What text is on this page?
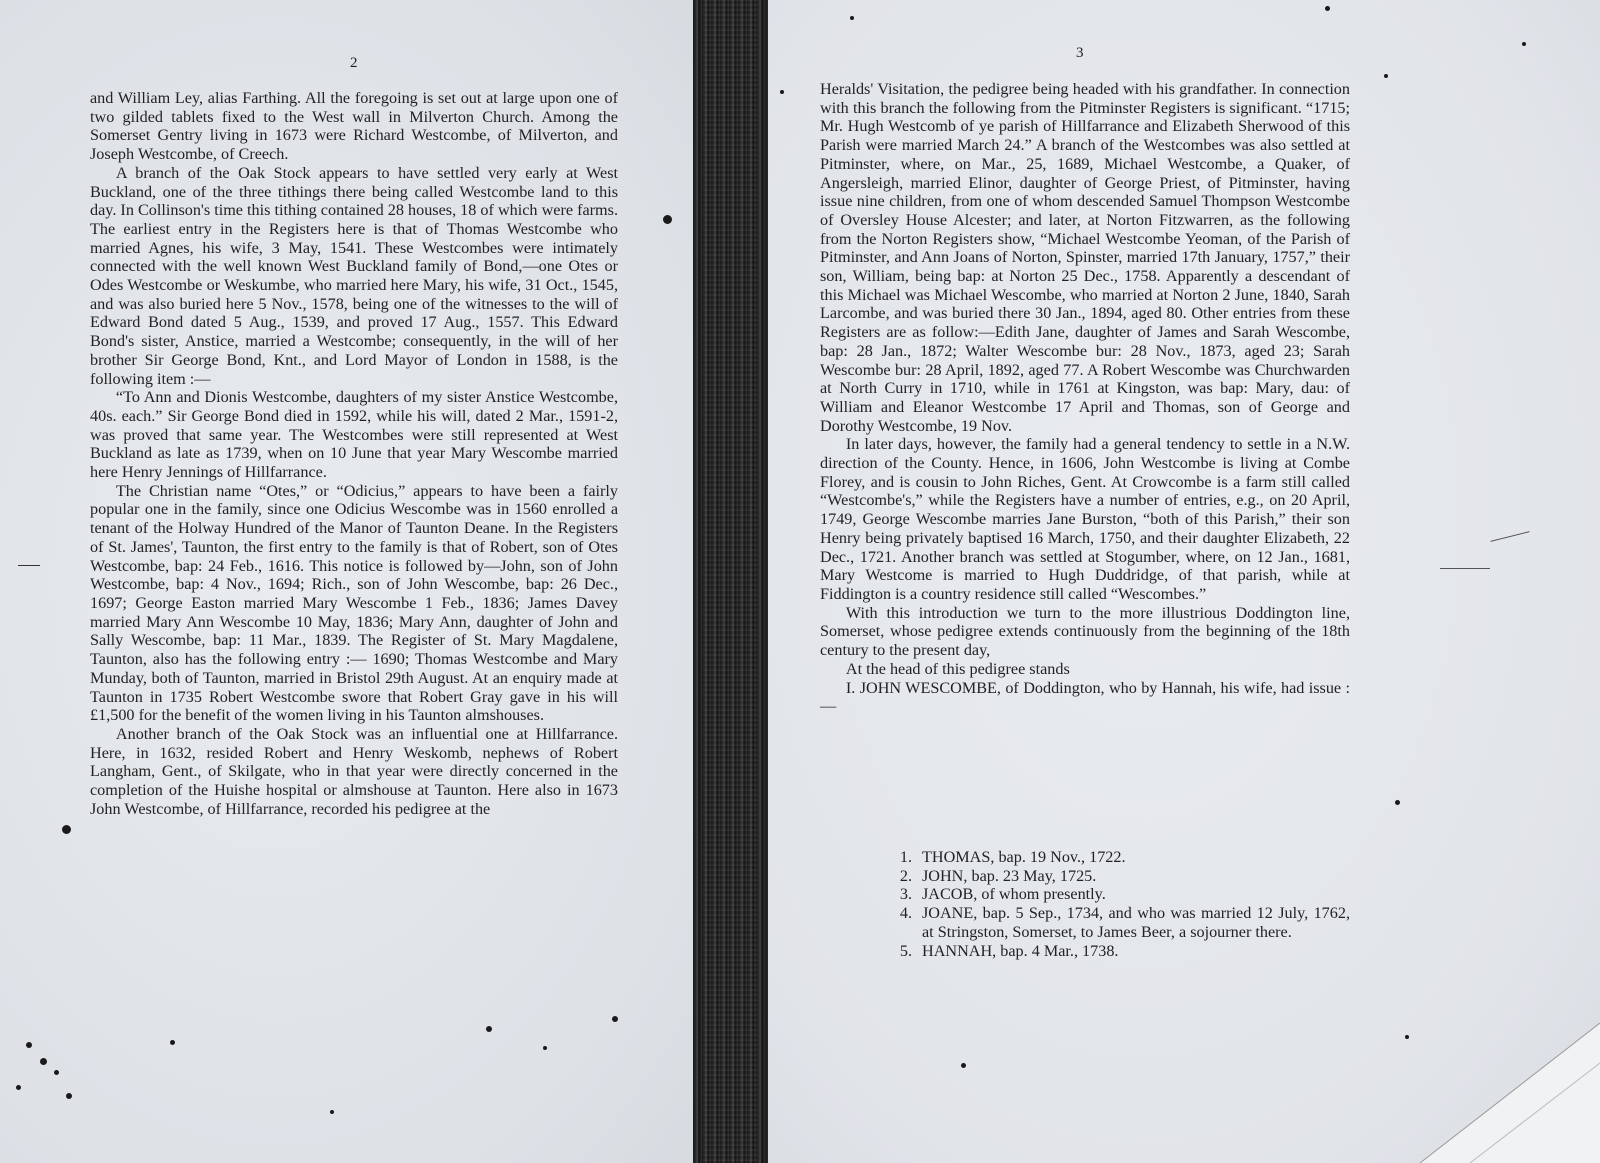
2

and William Ley, alias Farthing. All the foregoing is set out at large upon one of two gilded tablets fixed to the West wall in Milverton Church. Among the Somerset Gentry living in 1673 were Richard Westcombe, of Milverton, and Joseph Westcombe, of Creech.

A branch of the Oak Stock appears to have settled very early at West Buckland, one of the three tithings there being called Westcombe land to this day. In Collinson's time this tithing contained 28 houses, 18 of which were farms. The earliest entry in the Registers here is that of Thomas Westcombe who married Agnes, his wife, 3 May, 1541. These Westcombes were intimately connected with the well known West Buckland family of Bond,—one Otes or Odes Westcombe or Weskumbe, who married here Mary, his wife, 31 Oct., 1545, and was also buried here 5 Nov., 1578, being one of the witnesses to the will of Edward Bond dated 5 Aug., 1539, and proved 17 Aug., 1557. This Edward Bond's sister, Anstice, married a Westcombe; consequently, in the will of her brother Sir George Bond, Knt., and Lord Mayor of London in 1588, is the following item :—

“To Ann and Dionis Westcombe, daughters of my sister Anstice Westcombe, 40s. each.” Sir George Bond died in 1592, while his will, dated 2 Mar., 1591-2, was proved that same year. The Westcombes were still represented at West Buckland as late as 1739, when on 10 June that year Mary Wescombe married here Henry Jennings of Hillfarrance.

The Christian name “Otes,” or “Odicius,” appears to have been a fairly popular one in the family, since one Odicius Wescombe was in 1560 enrolled a tenant of the Holway Hundred of the Manor of Taunton Deane. In the Registers of St. James', Taunton, the first entry to the family is that of Robert, son of Otes Westcombe, bap: 24 Feb., 1616. This notice is followed by—John, son of John Westcombe, bap: 4 Nov., 1694; Rich., son of John Wescombe, bap: 26 Dec., 1697; George Easton married Mary Wescombe 1 Feb., 1836; James Davey married Mary Ann Wescombe 10 May, 1836; Mary Ann, daughter of John and Sally Wescombe, bap: 11 Mar., 1839. The Register of St. Mary Magdalene, Taunton, also has the following entry :— 1690; Thomas Westcombe and Mary Munday, both of Taunton, married in Bristol 29th August. At an enquiry made at Taunton in 1735 Robert Westcombe swore that Robert Gray gave in his will £1,500 for the benefit of the women living in his Taunton almshouses.

Another branch of the Oak Stock was an influential one at Hillfarrance. Here, in 1632, resided Robert and Henry Weskomb, nephews of Robert Langham, Gent., of Skilgate, who in that year were directly concerned in the completion of the Huishe hospital or almshouse at Taunton. Here also in 1673 John Westcombe, of Hillfarrance, recorded his pedigree at the

3

Heralds' Visitation, the pedigree being headed with his grandfather. In connection with this branch the following from the Pitminster Registers is significant. “1715; Mr. Hugh Westcomb of ye parish of Hillfarrance and Elizabeth Sherwood of this Parish were married March 24.” A branch of the Westcombes was also settled at Pitminster, where, on Mar., 25, 1689, Michael Westcombe, a Quaker, of Angersleigh, married Elinor, daughter of George Priest, of Pitminster, having issue nine children, from one of whom descended Samuel Thompson Westcombe of Oversley House Alcester; and later, at Norton Fitzwarren, as the following from the Norton Registers show, “Michael Westcombe Yeoman, of the Parish of Pitminster, and Ann Joans of Norton, Spinster, married 17th January, 1757,” their son, William, being bap: at Norton 25 Dec., 1758. Apparently a descendant of this Michael was Michael Wescombe, who married at Norton 2 June, 1840, Sarah Larcombe, and was buried there 30 Jan., 1894, aged 80. Other entries from these Registers are as follow:—Edith Jane, daughter of James and Sarah Wescombe, bap: 28 Jan., 1872; Walter Wescombe bur: 28 Nov., 1873, aged 23; Sarah Wescombe bur: 28 April, 1892, aged 77. A Robert Wescombe was Churchwarden at North Curry in 1710, while in 1761 at Kingston, was bap: Mary, dau: of William and Eleanor Westcombe 17 April and Thomas, son of George and Dorothy Westcombe, 19 Nov.

In later days, however, the family had a general tendency to settle in a N.W. direction of the County. Hence, in 1606, John Westcombe is living at Combe Florey, and is cousin to John Riches, Gent. At Crowcombe is a farm still called “Westcombe's,” while the Registers have a number of entries, e.g., on 20 April, 1749, George Wescombe marries Jane Burston, “both of this Parish,” their son Henry being privately baptised 16 March, 1750, and their daughter Elizabeth, 22 Dec., 1721. Another branch was settled at Stogumber, where, on 12 Jan., 1681, Mary Westcome is married to Hugh Duddridge, of that parish, while at Fiddington is a country residence still called “Wescombes.”

With this introduction we turn to the more illustrious Doddington line, Somerset, whose pedigree extends continuously from the beginning of the 18th century to the present day,

At the head of this pedigree stands

I. JOHN WESCOMBE, of Doddington, who by Hannah, his wife, had issue :—

1. THOMAS, bap. 19 Nov., 1722.
2. JOHN, bap. 23 May, 1725.
3. JACOB, of whom presently.
4. JOANE, bap. 5 Sep., 1734, and who was married 12 July, 1762, at Stringston, Somerset, to James Beer, a sojourner there.
5. HANNAH, bap. 4 Mar., 1738.
